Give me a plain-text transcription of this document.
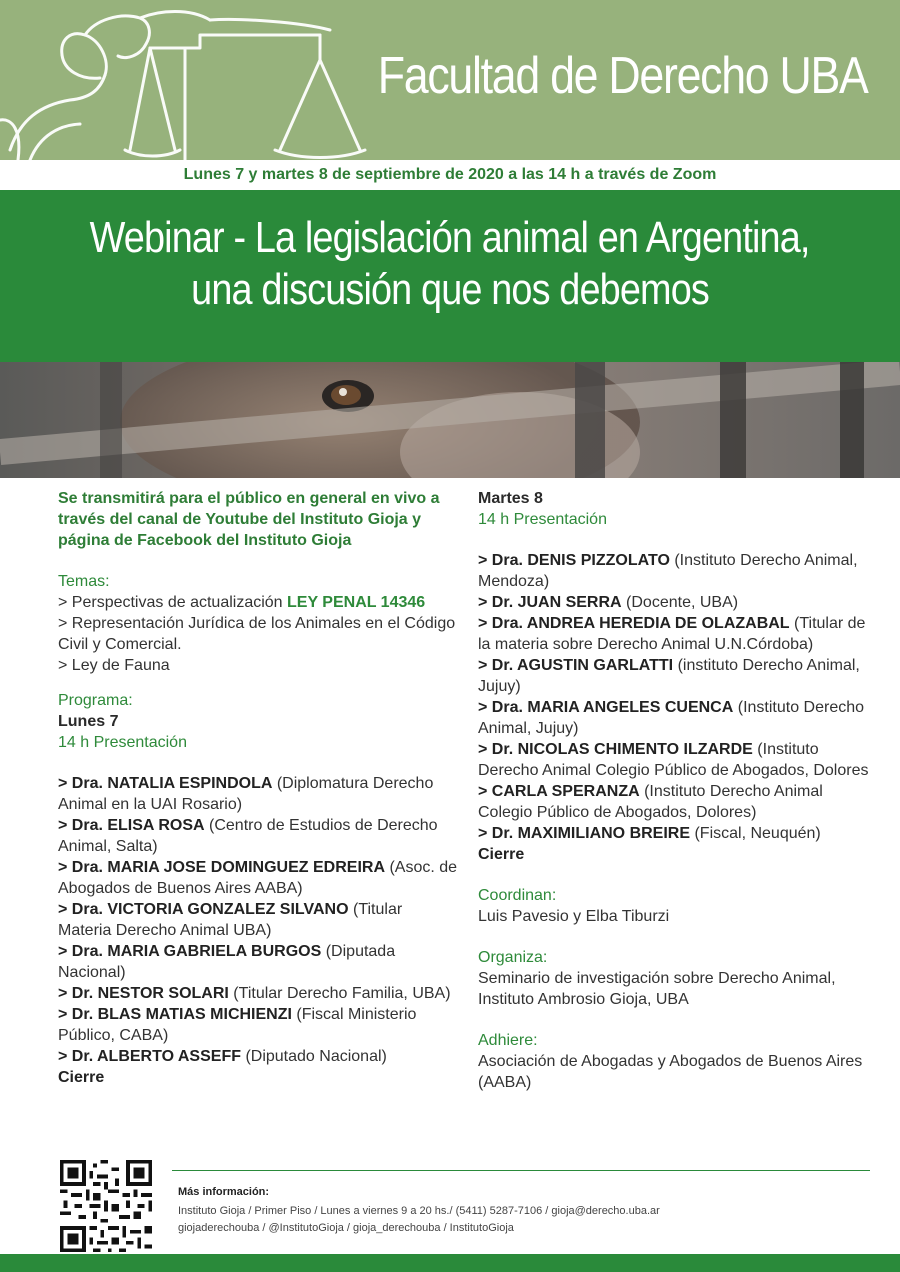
Facultad de Derecho UBA
Lunes 7 y martes 8 de septiembre de 2020 a las 14 h a través de Zoom
Webinar - La legislación animal en Argentina,
una discusión que nos debemos
Se transmitirá para el público en general en vivo a través del canal de Youtube del Instituto Gioja y página de Facebook del Instituto Gioja
Temas:
> Perspectivas de actualización LEY PENAL 14346
> Representación Jurídica de los Animales en el Código Civil y Comercial.
> Ley de Fauna
Programa:
Lunes 7
14 h Presentación
> Dra. NATALIA ESPINDOLA (Diplomatura Derecho Animal en la UAI Rosario)
> Dra. ELISA ROSA (Centro de Estudios de Derecho Animal, Salta)
> Dra. MARIA JOSE DOMINGUEZ EDREIRA (Asoc. de Abogados de Buenos Aires AABA)
> Dra. VICTORIA GONZALEZ SILVANO (Titular Materia Derecho Animal UBA)
> Dra. MARIA GABRIELA BURGOS (Diputada Nacional)
> Dr. NESTOR SOLARI (Titular Derecho Familia, UBA)
> Dr. BLAS MATIAS MICHIENZI (Fiscal Ministerio Público, CABA)
> Dr. ALBERTO ASSEFF (Diputado Nacional)
Cierre
Martes 8
14 h Presentación
> Dra. DENIS PIZZOLATO (Instituto Derecho Animal, Mendoza)
> Dr. JUAN SERRA (Docente, UBA)
> Dra. ANDREA HEREDIA DE OLAZABAL (Titular de la materia sobre Derecho Animal U.N.Córdoba)
> Dr. AGUSTIN GARLATTI (instituto Derecho Animal, Jujuy)
> Dra. MARIA ANGELES CUENCA (Instituto Derecho Animal, Jujuy)
> Dr. NICOLAS CHIMENTO ILZARDE (Instituto Derecho Animal Colegio Público de Abogados, Dolores
> CARLA SPERANZA (Instituto Derecho Animal Colegio Público de Abogados, Dolores)
> Dr. MAXIMILIANO BREIRE (Fiscal, Neuquén)
Cierre
Coordinan:
Luis Pavesio y Elba Tiburzi
Organiza:
Seminario de investigación sobre Derecho Animal, Instituto Ambrosio Gioja, UBA
Adhiere:
Asociación de Abogadas y Abogados de Buenos Aires (AABA)
Más información:
Instituto Gioja / Primer Piso / Lunes a viernes 9 a 20 hs./ (5411) 5287-7106 / gioja@derecho.uba.ar
giojaderechouba / @InstitutoGioja / gioja_derechouba / InstitutoGioja
